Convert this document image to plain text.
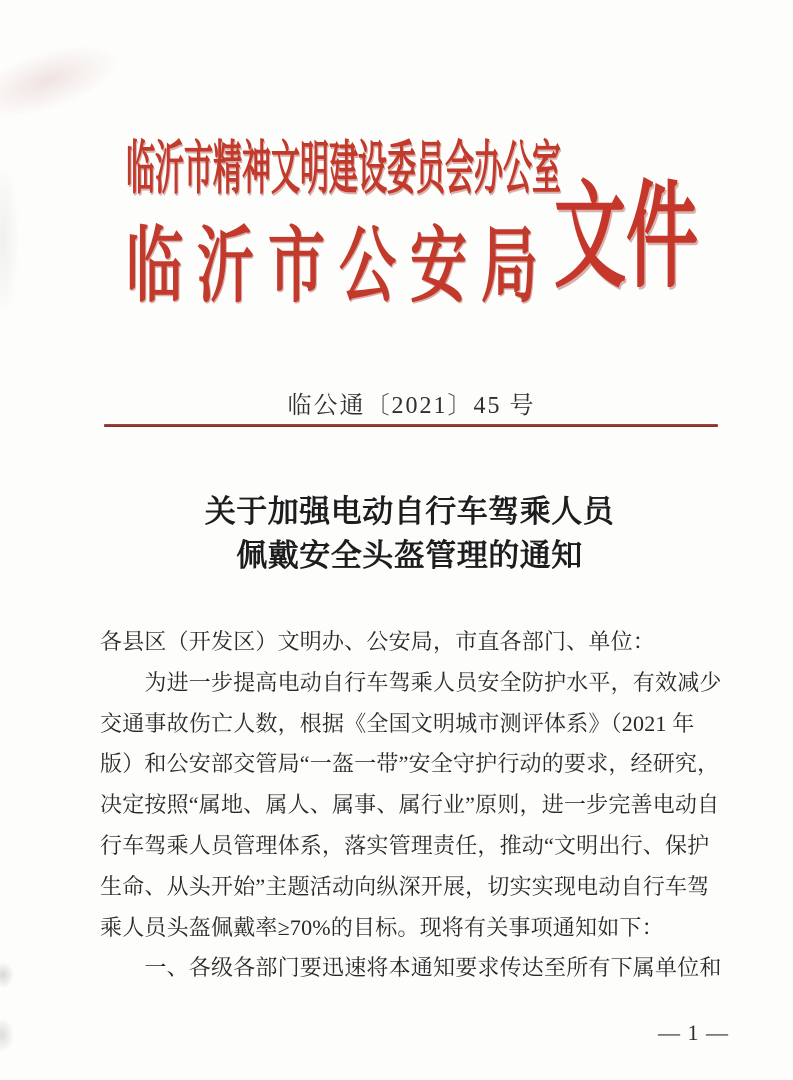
临沂市精神文明建设委员会办公室
临沂市公安局 文件
临公通〔2021〕45 号
关于加强电动自行车驾乘人员
佩戴安全头盔管理的通知
各县区（开发区）文明办、公安局，市直各部门、单位：
　　为进一步提高电动自行车驾乘人员安全防护水平，有效减少
交通事故伤亡人数，根据《全国文明城市测评体系》（2021 年
版）和公安部交管局“一盔一带”安全守护行动的要求，经研究，
决定按照“属地、属人、属事、属行业”原则，进一步完善电动自
行车驾乘人员管理体系，落实管理责任，推动“文明出行、保护
生命、从头开始”主题活动向纵深开展，切实实现电动自行车驾
乘人员头盔佩戴率≥70%的目标。现将有关事项通知如下：
　　一、各级各部门要迅速将本通知要求传达至所有下属单位和
— 1 —
